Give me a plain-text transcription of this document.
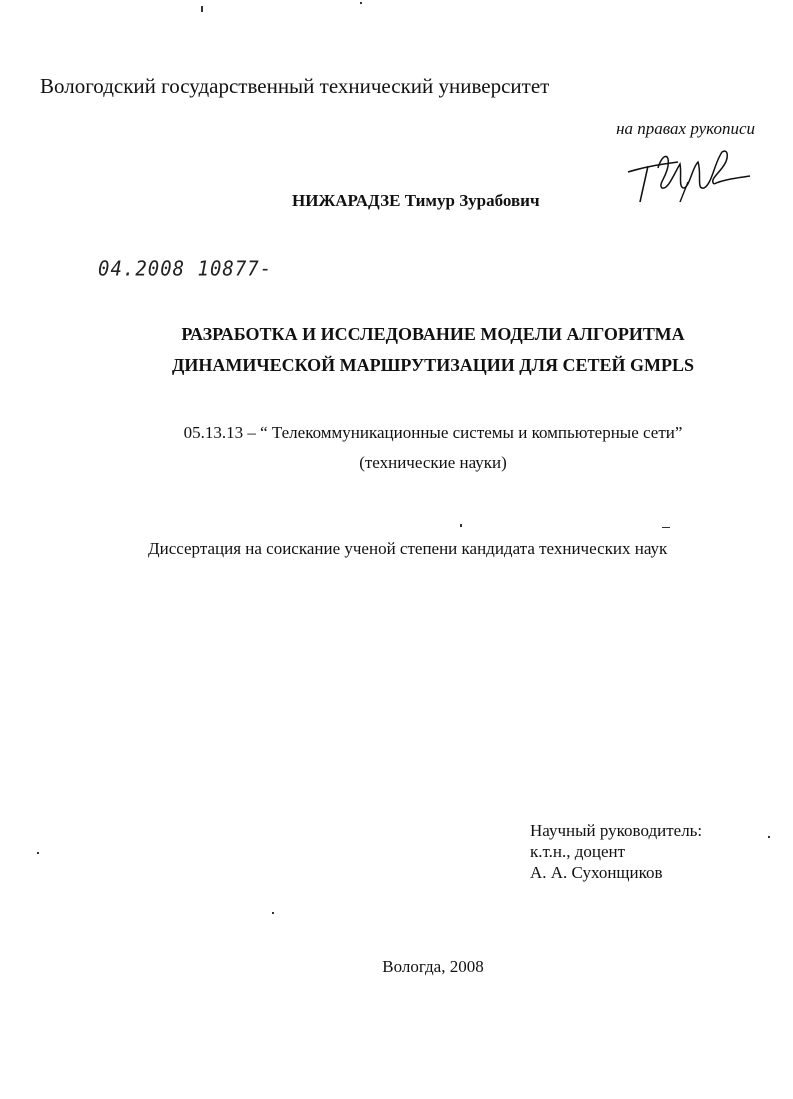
Вологодский государственный технический университет
на правах рукописи
НИЖАРАДЗЕ Тимур Зурабович
04.2008 10877-
РАЗРАБОТКА И ИССЛЕДОВАНИЕ МОДЕЛИ АЛГОРИТМА
ДИНАМИЧЕСКОЙ МАРШРУТИЗАЦИИ ДЛЯ СЕТЕЙ GMPLS
05.13.13 – “ Телекоммуникационные системы и компьютерные сети”
(технические науки)
Диссертация на соискание ученой степени кандидата технических наук
Научный руководитель:
к.т.н., доцент
А. А. Сухонщиков
Вологда, 2008
